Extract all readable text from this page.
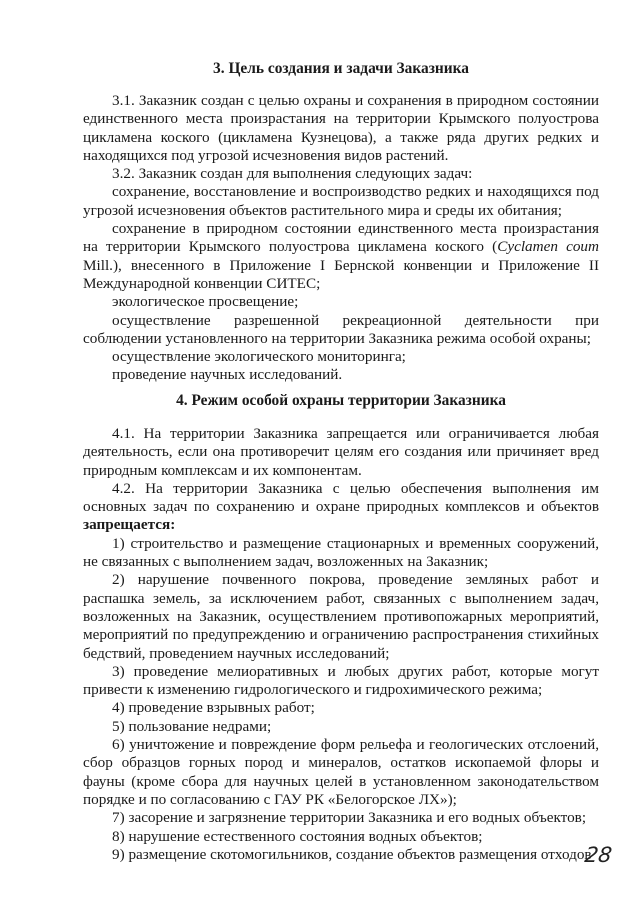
3. Цель создания и задачи Заказника

3.1. Заказник создан с целью охраны и сохранения в природном состоянии единственного места произрастания на территории Крымского полуострова цикламена коского (цикламена Кузнецова), а также ряда других редких и находящихся под угрозой исчезновения видов растений.

3.2. Заказник создан для выполнения следующих задач:

сохранение, восстановление и воспроизводство редких и находящихся под угрозой исчезновения объектов растительного мира и среды их обитания;

сохранение в природном состоянии единственного места произрастания на территории Крымского полуострова цикламена коского (Cyclamen coum Mill.), внесенного в Приложение I Бернской конвенции и Приложение II Международной конвенции СИТЕС;

экологическое просвещение;

осуществление разрешенной рекреационной деятельности при соблюдении установленного на территории Заказника режима особой охраны;

осуществление экологического мониторинга;

проведение научных исследований.

4. Режим особой охраны территории Заказника

4.1. На территории Заказника запрещается или ограничивается любая деятельность, если она противоречит целям его создания или причиняет вред природным комплексам и их компонентам.

4.2. На территории Заказника с целью обеспечения выполнения им основных задач по сохранению и охране природных комплексов и объектов запрещается:

1) строительство и размещение стационарных и временных сооружений, не связанных с выполнением задач, возложенных на Заказник;

2) нарушение почвенного покрова, проведение земляных работ и распашка земель, за исключением работ, связанных с выполнением задач, возложенных на Заказник, осуществлением противопожарных мероприятий, мероприятий по предупреждению и ограничению распространения стихийных бедствий, проведением научных исследований;

3) проведение мелиоративных и любых других работ, которые могут привести к изменению гидрологического и гидрохимического режима;

4) проведение взрывных работ;

5) пользование недрами;

6) уничтожение и повреждение форм рельефа и геологических отслоений, сбор образцов горных пород и минералов, остатков ископаемой флоры и фауны (кроме сбора для научных целей в установленном законодательством порядке и по согласованию с ГАУ РК «Белогорское ЛХ»);

7) засорение и загрязнение территории Заказника и его водных объектов;

8) нарушение естественного состояния водных объектов;

9) размещение скотомогильников, создание объектов размещения отходов

28
